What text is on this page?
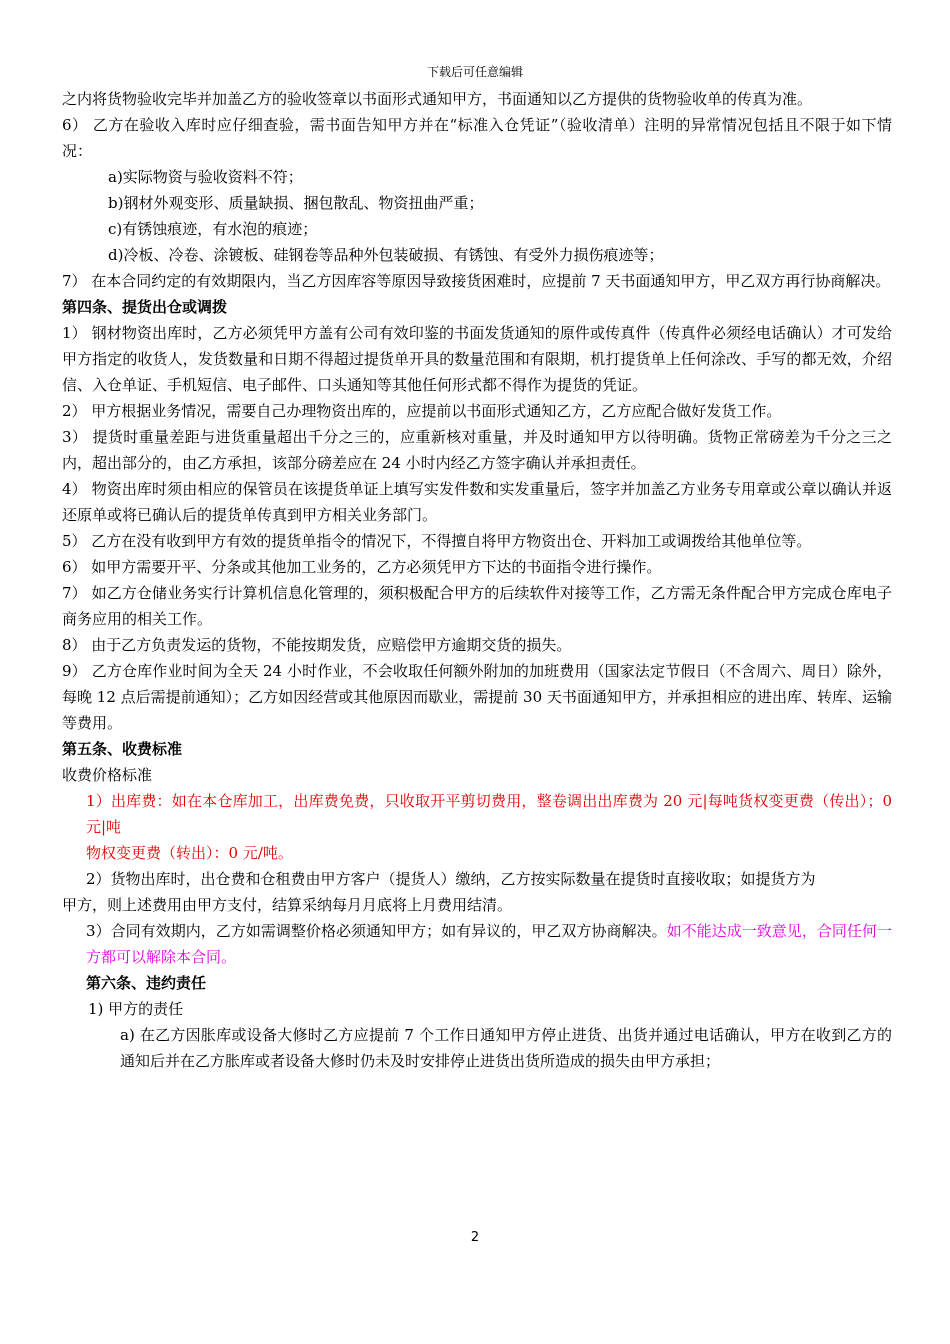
下载后可任意编辑

之内将货物验收完毕并加盖乙方的验收签章以书面形式通知甲方，书面通知以乙方提供的货物验收单的传真为准。

6） 乙方在验收入库时应仔细查验，需书面告知甲方并在“标准入仓凭证”（验收清单）注明的异常情况包括且不限于如下情况：

a)实际物资与验收资料不符；

b)钢材外观变形、质量缺损、捆包散乱、物资扭曲严重；

c)有锈蚀痕迹，有水泡的痕迹；

d)冷板、冷卷、涂镀板、硅钢卷等品种外包装破损、有锈蚀、有受外力损伤痕迹等；

7） 在本合同约定的有效期限内，当乙方因库容等原因导致接货困难时，应提前 7 天书面通知甲方，甲乙双方再行协商解决。

第四条、提货出仓或调拨

1） 钢材物资出库时，乙方必须凭甲方盖有公司有效印鉴的书面发货通知的原件或传真件（传真件必须经电话确认）才可发给甲方指定的收货人，发货数量和日期不得超过提货单开具的数量范围和有限期，机打提货单上任何涂改、手写的都无效，介绍信、入仓单证、手机短信、电子邮件、口头通知等其他任何形式都不得作为提货的凭证。

2） 甲方根据业务情况，需要自己办理物资出库的，应提前以书面形式通知乙方，乙方应配合做好发货工作。

3） 提货时重量差距与进货重量超出千分之三的，应重新核对重量，并及时通知甲方以待明确。货物正常磅差为千分之三之内，超出部分的，由乙方承担，该部分磅差应在 24 小时内经乙方签字确认并承担责任。

4） 物资出库时须由相应的保管员在该提货单证上填写实发件数和实发重量后，签字并加盖乙方业务专用章或公章以确认并返还原单或将已确认后的提货单传真到甲方相关业务部门。

5） 乙方在没有收到甲方有效的提货单指令的情况下，不得擅自将甲方物资出仓、开料加工或调拨给其他单位等。

6） 如甲方需要开平、分条或其他加工业务的，乙方必须凭甲方下达的书面指令进行操作。

7） 如乙方仓储业务实行计算机信息化管理的，须积极配合甲方的后续软件对接等工作，乙方需无条件配合甲方完成仓库电子商务应用的相关工作。

8） 由于乙方负责发运的货物，不能按期发货，应赔偿甲方逾期交货的损失。

9） 乙方仓库作业时间为全天 24 小时作业，不会收取任何额外附加的加班费用（国家法定节假日（不含周六、周日）除外，每晚 12 点后需提前通知）；乙方如因经营或其他原因而歇业，需提前 30 天书面通知甲方，并承担相应的进出库、转库、运输等费用。

第五条、收费标准

收费价格标准

1）出库费：如在本仓库加工，出库费免费，只收取开平剪切费用，整卷调出出库费为 20 元|每吨货权变更费（传出）；0 元|吨

物权变更费（转出）：0 元/吨。

2）货物出库时，出仓费和仓租费由甲方客户（提货人）缴纳，乙方按实际数量在提货时直接收取；如提货方为

甲方，则上述费用由甲方支付，结算采纳每月月底将上月费用结清。

3）合同有效期内，乙方如需调整价格必须通知甲方；如有异议的，甲乙双方协商解决。如不能达成一致意见，合同任何一方都可以解除本合同。

第六条、违约责任

1) 甲方的责任

a) 在乙方因胀库或设备大修时乙方应提前 7 个工作日通知甲方停止进货、出货并通过电话确认，甲方在收到乙方的通知后并在乙方胀库或者设备大修时仍未及时安排停止进货出货所造成的损失由甲方承担；

2
